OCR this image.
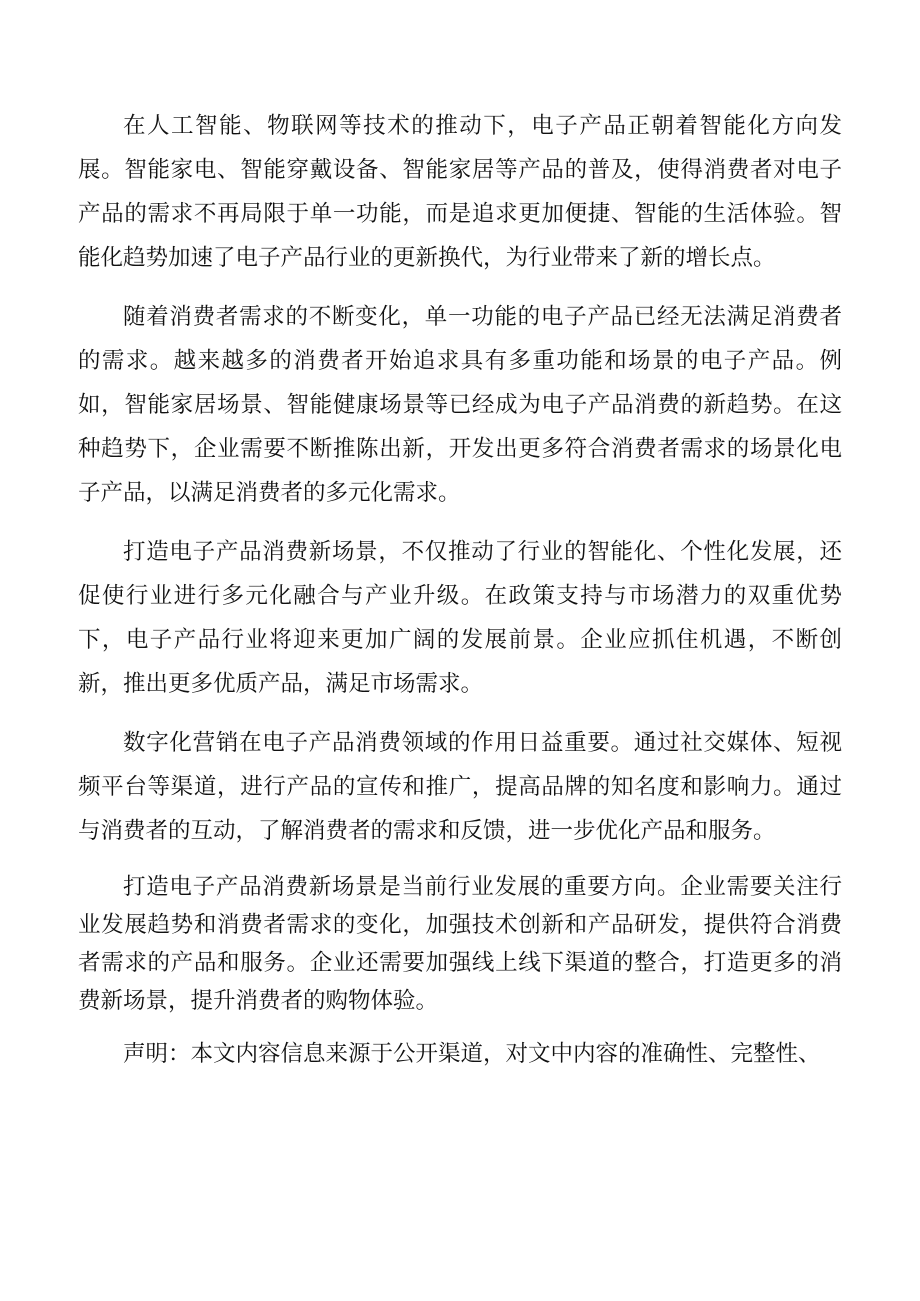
在人工智能、物联网等技术的推动下，电子产品正朝着智能化方向发展。智能家电、智能穿戴设备、智能家居等产品的普及，使得消费者对电子产品的需求不再局限于单一功能，而是追求更加便捷、智能的生活体验。智能化趋势加速了电子产品行业的更新换代，为行业带来了新的增长点。

随着消费者需求的不断变化，单一功能的电子产品已经无法满足消费者的需求。越来越多的消费者开始追求具有多重功能和场景的电子产品。例如，智能家居场景、智能健康场景等已经成为电子产品消费的新趋势。在这种趋势下，企业需要不断推陈出新，开发出更多符合消费者需求的场景化电子产品，以满足消费者的多元化需求。

打造电子产品消费新场景，不仅推动了行业的智能化、个性化发展，还促使行业进行多元化融合与产业升级。在政策支持与市场潜力的双重优势下，电子产品行业将迎来更加广阔的发展前景。企业应抓住机遇，不断创新，推出更多优质产品，满足市场需求。

数字化营销在电子产品消费领域的作用日益重要。通过社交媒体、短视频平台等渠道，进行产品的宣传和推广，提高品牌的知名度和影响力。通过与消费者的互动，了解消费者的需求和反馈，进一步优化产品和服务。

打造电子产品消费新场景是当前行业发展的重要方向。企业需要关注行业发展趋势和消费者需求的变化，加强技术创新和产品研发，提供符合消费者需求的产品和服务。企业还需要加强线上线下渠道的整合，打造更多的消费新场景，提升消费者的购物体验。

声明：本文内容信息来源于公开渠道，对文中内容的准确性、完整性、
